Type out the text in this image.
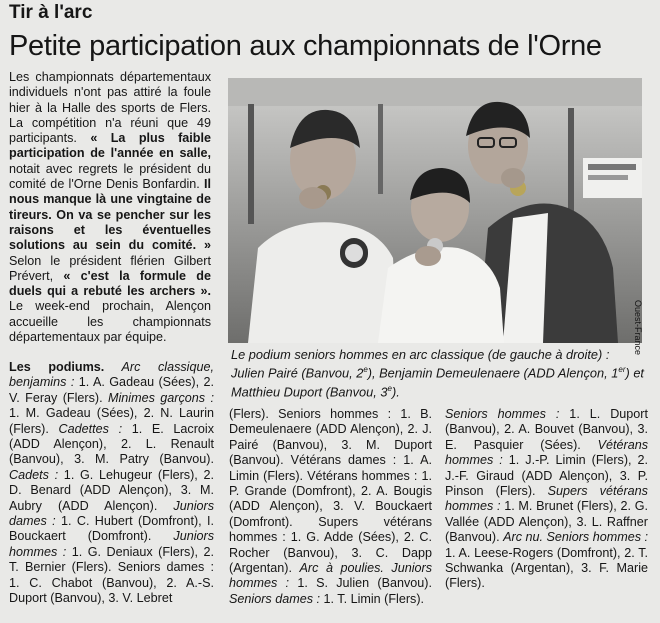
Tir à l'arc
Petite participation aux championnats de l'Orne
Les championnats départementaux individuels n'ont pas attiré la foule hier à la Halle des sports de Flers. La compétition n'a réuni que 49 participants. « La plus faible participation de l'année en salle, notait avec regrets le président du comité de l'Orne Denis Bonfardin. Il nous manque là une vingtaine de tireurs. On va se pencher sur les raisons et les éventuelles solutions au sein du comité. » Selon le président flérien Gilbert Prévert, « c'est la formule de duels qui a rebuté les archers ». Le week-end prochain, Alençon accueille les championnats départementaux par équipe.	Ouest-France
Le podium seniors hommes en arc classique (de gauche à droite) : Julien Pairé (Banvou, 2e), Benjamin Demeulenaere (ADD Alençon, 1er) et Matthieu Duport (Banvou, 3e).
Les podiums. Arc classique, benjamins : 1. A. Gadeau (Sées), 2. V. Feray (Flers). Minimes garçons : 1. M. Gadeau (Sées), 2. N. Laurin (Flers). Cadettes : 1. E. Lacroix (ADD Alençon), 2. L. Renault (Banvou), 3. M. Patry (Banvou). Cadets : 1. G. Lehugeur (Flers), 2. D. Benard (ADD Alençon), 3. M. Aubry (ADD Alençon). Juniors dames : 1. C. Hubert (Domfront), I. Bouckaert (Domfront). Juniors hommes : 1. G. Deniaux (Flers), 2. T. Bernier (Flers). Seniors dames : 1. C. Chabot (Banvou), 2. A.-S. Duport (Banvou), 3. V. Lebret
(Flers). Seniors hommes : 1. B. Demeulenaere (ADD Alençon), 2. J. Pairé (Banvou), 3. M. Duport (Banvou). Vétérans dames : 1. A. Limin (Flers). Vétérans hommes : 1. P. Grande (Domfront), 2. A. Bougis (ADD Alençon), 3. V. Bouckaert (Domfront). Supers vétérans hommes : 1. G. Adde (Sées), 2. C. Rocher (Banvou), 3. C. Dapp (Argentan). Arc à poulies. Juniors hommes : 1. S. Julien (Banvou). Seniors dames : 1. T. Limin (Flers).
Seniors hommes : 1. L. Duport (Banvou), 2. A. Bouvet (Banvou), 3. E. Pasquier (Sées). Vétérans hommes : 1. J.-P. Limin (Flers), 2. J.-F. Giraud (ADD Alençon), 3. P. Pinson (Flers). Supers vétérans hommes : 1. M. Brunet (Flers), 2. G. Vallée (ADD Alençon), 3. L. Raffner (Banvou). Arc nu. Seniors hommes : 1. A. Leese-Rogers (Domfront), 2. T. Schwanka (Argentan), 3. F. Marie (Flers).
